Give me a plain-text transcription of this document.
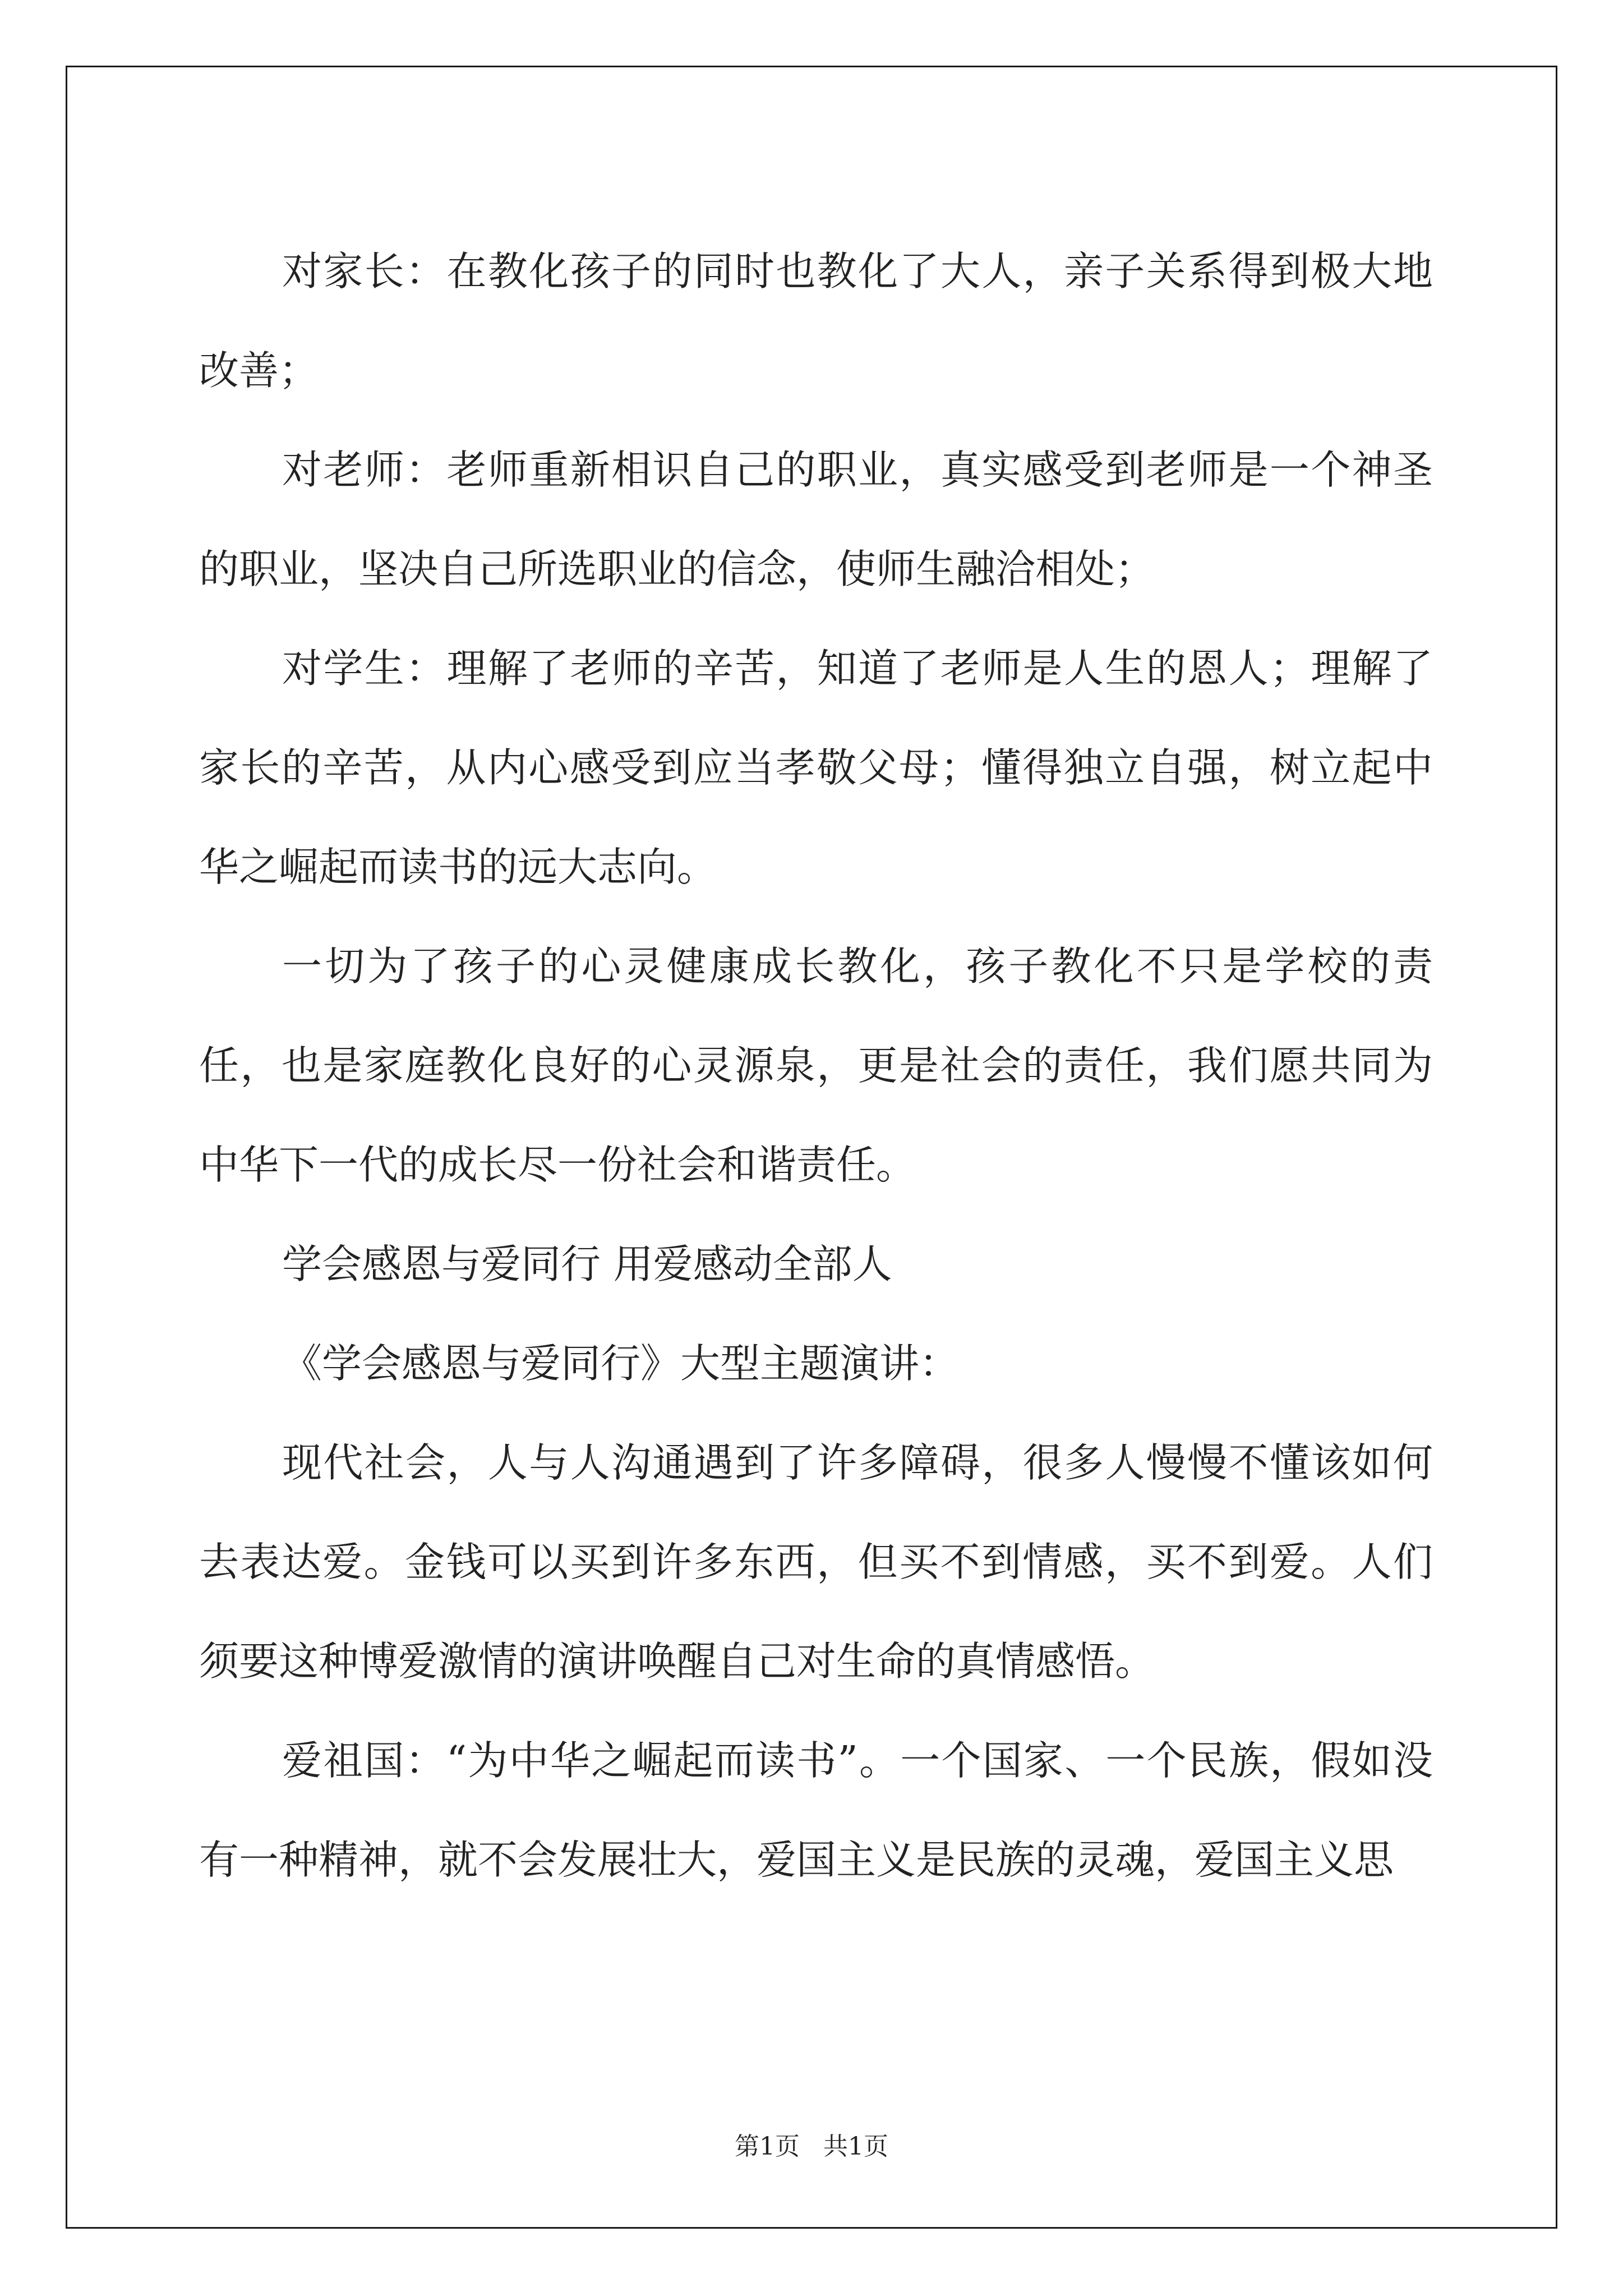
对家长：在教化孩子的同时也教化了大人，亲子关系得到极大地改善；

对老师：老师重新相识自己的职业，真实感受到老师是一个神圣的职业，坚决自己所选职业的信念，使师生融洽相处；

对学生：理解了老师的辛苦，知道了老师是人生的恩人；理解了家长的辛苦，从内心感受到应当孝敬父母；懂得独立自强，树立起中华之崛起而读书的远大志向。

一切为了孩子的心灵健康成长教化，孩子教化不只是学校的责任，也是家庭教化良好的心灵源泉，更是社会的责任，我们愿共同为中华下一代的成长尽一份社会和谐责任。

学会感恩与爱同行 用爱感动全部人

《学会感恩与爱同行》大型主题演讲：

现代社会，人与人沟通遇到了许多障碍，很多人慢慢不懂该如何去表达爱。金钱可以买到许多东西，但买不到情感，买不到爱。人们须要这种博爱激情的演讲唤醒自己对生命的真情感悟。

爱祖国：“为中华之崛起而读书”。一个国家、一个民族，假如没有一种精神，就不会发展壮大，爱国主义是民族的灵魂，爱国主义思

第1页 共1页
